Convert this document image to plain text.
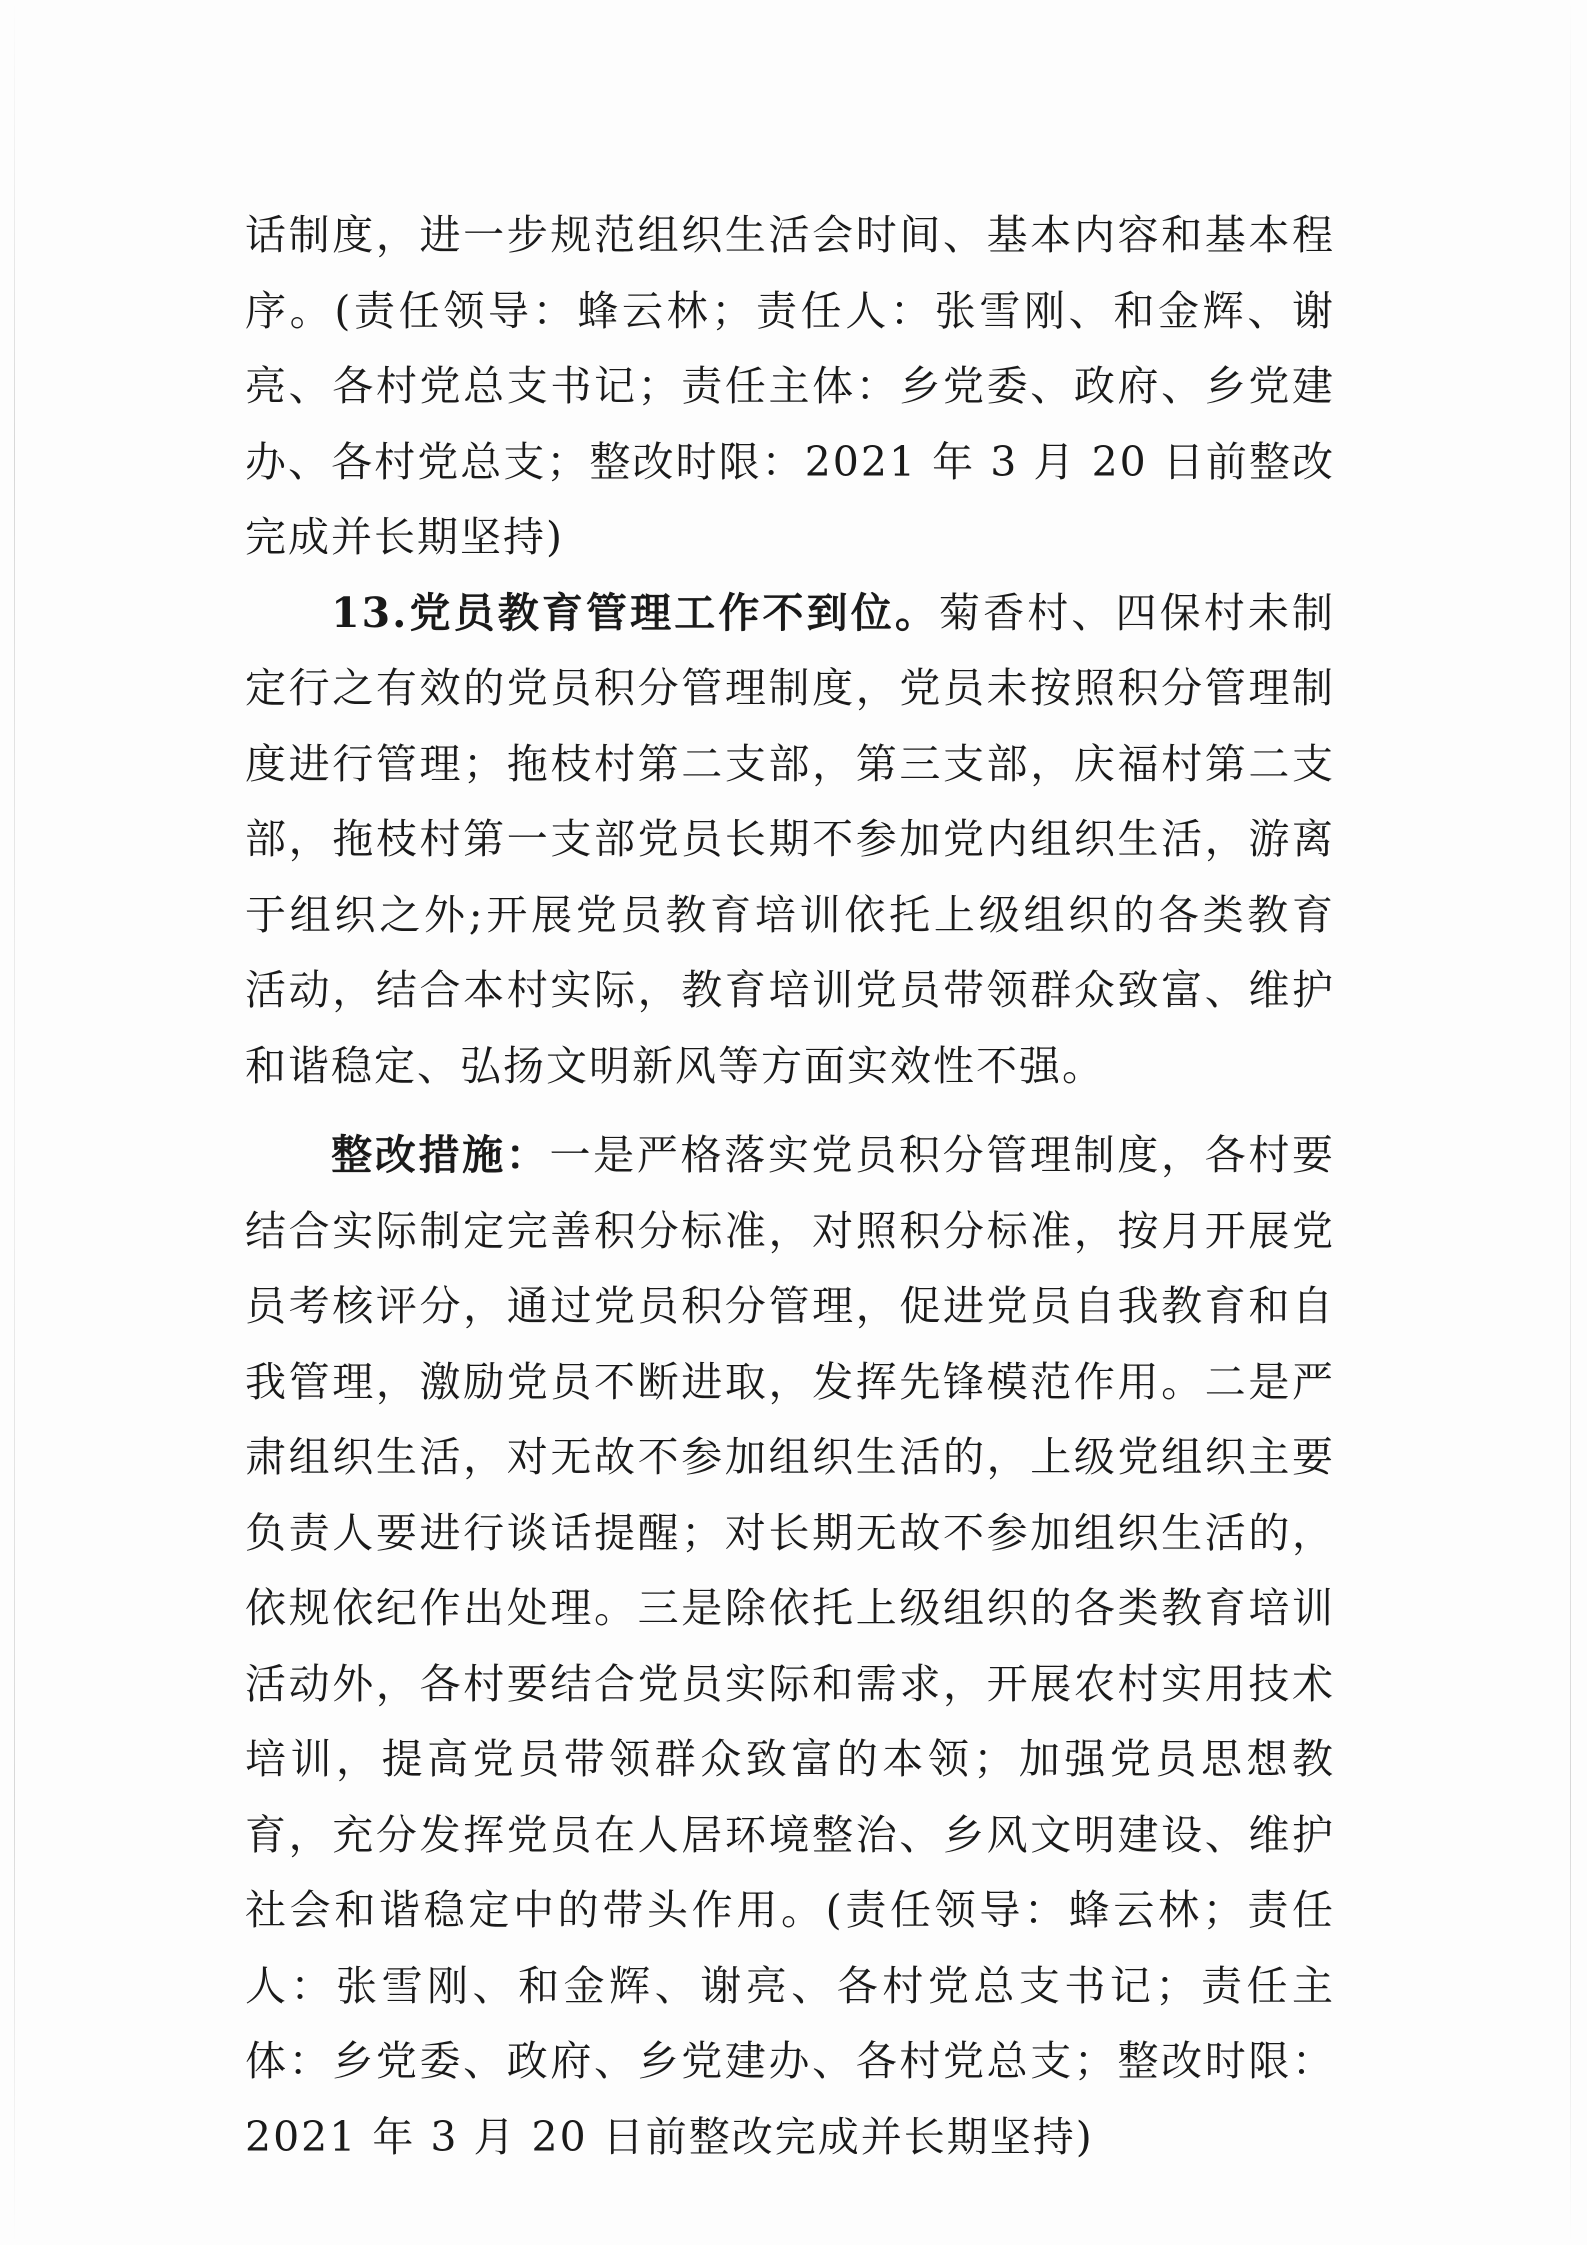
话制度，进一步规范组织生活会时间、基本内容和基本程序。(责任领导：蜂云林；责任人：张雪刚、和金辉、谢亮、各村党总支书记；责任主体：乡党委、政府、乡党建办、各村党总支；整改时限：2021 年 3 月 20 日前整改完成并长期坚持)

13.党员教育管理工作不到位。菊香村、四保村未制定行之有效的党员积分管理制度，党员未按照积分管理制度进行管理；拖枝村第二支部，第三支部，庆福村第二支部，拖枝村第一支部党员长期不参加党内组织生活，游离于组织之外;开展党员教育培训依托上级组织的各类教育活动，结合本村实际，教育培训党员带领群众致富、维护和谐稳定、弘扬文明新风等方面实效性不强。

整改措施：一是严格落实党员积分管理制度，各村要结合实际制定完善积分标准，对照积分标准，按月开展党员考核评分，通过党员积分管理，促进党员自我教育和自我管理，激励党员不断进取，发挥先锋模范作用。二是严肃组织生活，对无故不参加组织生活的，上级党组织主要负责人要进行谈话提醒；对长期无故不参加组织生活的，依规依纪作出处理。三是除依托上级组织的各类教育培训活动外，各村要结合党员实际和需求，开展农村实用技术培训，提高党员带领群众致富的本领；加强党员思想教育，充分发挥党员在人居环境整治、乡风文明建设、维护社会和谐稳定中的带头作用。(责任领导：蜂云林；责任人：张雪刚、和金辉、谢亮、各村党总支书记；责任主体：乡党委、政府、乡党建办、各村党总支；整改时限：2021 年 3 月 20 日前整改完成并长期坚持)
